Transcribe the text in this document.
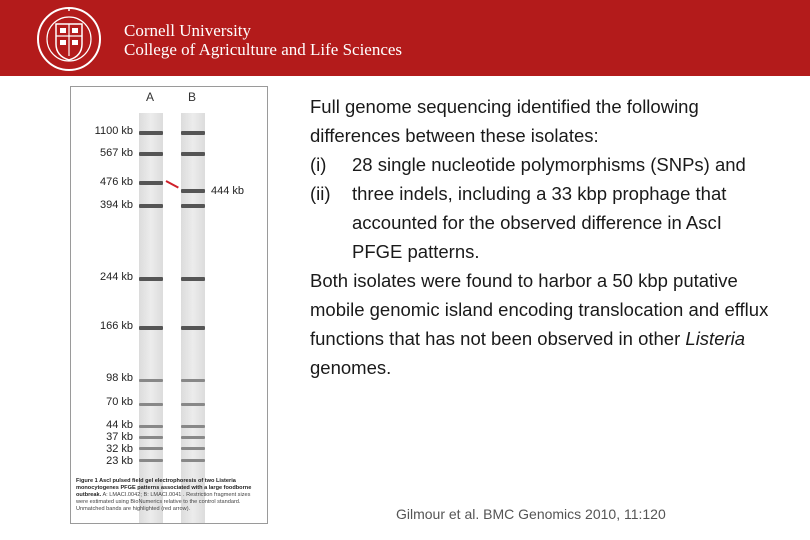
Cornell University
College of Agriculture and Life Sciences
A	B
1100 kb
567 kb
476 kb
394 kb
244 kb
166 kb
98 kb
70 kb
44 kb
37 kb
32 kb
23 kb
444 kb
Figure 1 AscI pulsed field gel electrophoresis of two Listeria monocytogenes PFGE patterns associated with a large foodborne outbreak. A: LMACI.0042; B: LMACI.0041 . Restriction fragment sizes were estimated using BioNumerics relative to the control standard. Unmatched bands are highlighted (red arrow).
Full genome sequencing identified the following differences between these isolates:
(i)	28 single nucleotide polymorphisms (SNPs) and
(ii)	three indels, including a 33 kbp prophage that accounted for the observed difference in AscI PFGE patterns.
Both isolates were found to harbor a 50 kbp putative mobile genomic island encoding translocation and efflux functions that has not been observed in other Listeria genomes.
Gilmour et al. BMC Genomics 2010, 11:120
